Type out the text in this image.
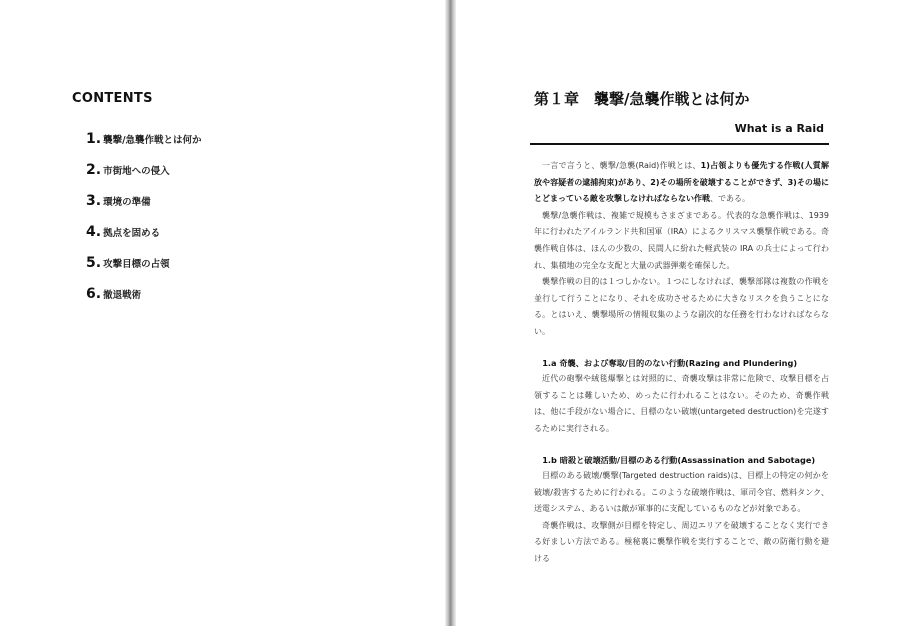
CONTENTS
1. 襲撃/急襲作戦とは何か
2. 市街地への侵入
3. 環境の準備
4. 拠点を固める
5. 攻撃目標の占領
6. 撤退戦術
第１章　襲撃/急襲作戦とは何か
What is a Raid

一言で言うと、襲撃/急襲(Raid)作戦とは、1)占領よりも優先する作戦(人質解放や容疑者の逮捕拘束)があり、2)その場所を破壊することができず、3)その場にとどまっている敵を攻撃しなければならない作戦、である。

襲撃/急襲作戦は、複雑で規模もさまざまである。代表的な急襲作戦は、1939 年に行われたアイルランド共和国軍（IRA）によるクリスマス襲撃作戦である。奇襲作戦自体は、ほんの少数の、民間人に紛れた軽武装の IRA の兵士によって行われ、集積地の完全な支配と大量の武器弾薬を確保した。

襲撃作戦の目的は１つしかない。１つにしなければ、襲撃部隊は複数の作戦を並行して行うことになり、それを成功させるために大きなリスクを負うことになる。とはいえ、襲撃場所の情報収集のような副次的な任務を行わなければならない。

1.a 奇襲、および奪取/目的のない行動(Razing and Plundering)

近代の砲撃や絨毯爆撃とは対照的に、奇襲攻撃は非常に危険で、攻撃目標を占領することは難しいため、めったに行われることはない。そのため、奇襲作戦は、他に手段がない場合に、目標のない破壊(untargeted destruction)を完遂するために実行される。

1.b 暗殺と破壊活動/目標のある行動(Assassination and Sabotage)

目標のある破壊/襲撃(Targeted destruction raids)は、目標上の特定の何かを破壊/殺害するために行われる。このような破壊作戦は、軍司令官、燃料タンク、送電システム、あるいは敵が軍事的に支配しているものなどが対象である。

奇襲作戦は、攻撃側が目標を特定し、周辺エリアを破壊することなく実行できる好ましい方法である。極秘裏に襲撃作戦を実行することで、敵の防衛行動を避ける
